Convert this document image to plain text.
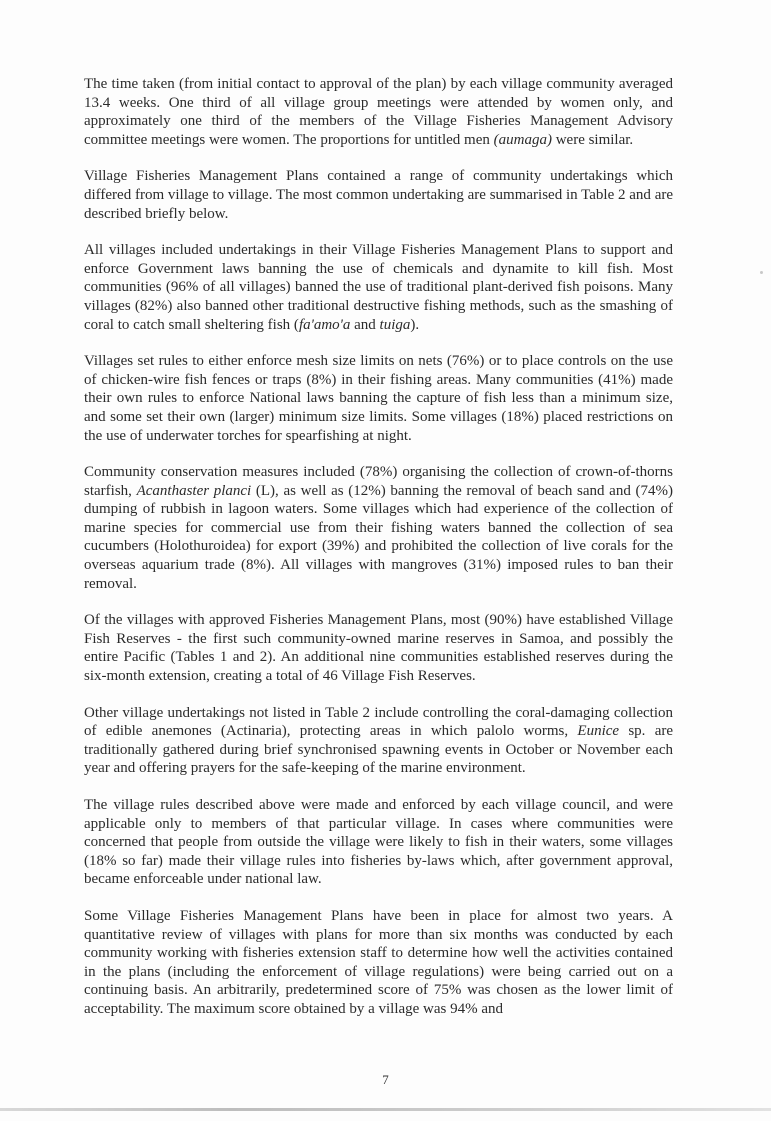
The time taken (from initial contact to approval of the plan) by each village community averaged 13.4 weeks. One third of all village group meetings were attended by women only, and approximately one third of the members of the Village Fisheries Management Advisory committee meetings were women. The proportions for untitled men (aumaga) were similar.

Village Fisheries Management Plans contained a range of community undertakings which differed from village to village. The most common undertaking are summarised in Table 2 and are described briefly below.

All villages included undertakings in their Village Fisheries Management Plans to support and enforce Government laws banning the use of chemicals and dynamite to kill fish. Most communities (96% of all villages) banned the use of traditional plant-derived fish poisons. Many villages (82%) also banned other traditional destructive fishing methods, such as the smashing of coral to catch small sheltering fish (fa'amo'a and tuiga).

Villages set rules to either enforce mesh size limits on nets (76%) or to place controls on the use of chicken-wire fish fences or traps (8%) in their fishing areas. Many communities (41%) made their own rules to enforce National laws banning the capture of fish less than a minimum size, and some set their own (larger) minimum size limits. Some villages (18%) placed restrictions on the use of underwater torches for spearfishing at night.

Community conservation measures included (78%) organising the collection of crown-of-thorns starfish, Acanthaster planci (L), as well as (12%) banning the removal of beach sand and (74%) dumping of rubbish in lagoon waters. Some villages which had experience of the collection of marine species for commercial use from their fishing waters banned the collection of sea cucumbers (Holothuroidea) for export (39%) and prohibited the collection of live corals for the overseas aquarium trade (8%). All villages with mangroves (31%) imposed rules to ban their removal.

Of the villages with approved Fisheries Management Plans, most (90%) have established Village Fish Reserves - the first such community-owned marine reserves in Samoa, and possibly the entire Pacific (Tables 1 and 2). An additional nine communities established reserves during the six-month extension, creating a total of 46 Village Fish Reserves.

Other village undertakings not listed in Table 2 include controlling the coral-damaging collection of edible anemones (Actinaria), protecting areas in which palolo worms, Eunice sp. are traditionally gathered during brief synchronised spawning events in October or November each year and offering prayers for the safe-keeping of the marine environment.

The village rules described above were made and enforced by each village council, and were applicable only to members of that particular village. In cases where communities were concerned that people from outside the village were likely to fish in their waters, some villages (18% so far) made their village rules into fisheries by-laws which, after government approval, became enforceable under national law.

Some Village Fisheries Management Plans have been in place for almost two years. A quantitative review of villages with plans for more than six months was conducted by each community working with fisheries extension staff to determine how well the activities contained in the plans (including the enforcement of village regulations) were being carried out on a continuing basis. An arbitrarily, predetermined score of 75% was chosen as the lower limit of acceptability. The maximum score obtained by a village was 94% and

7
